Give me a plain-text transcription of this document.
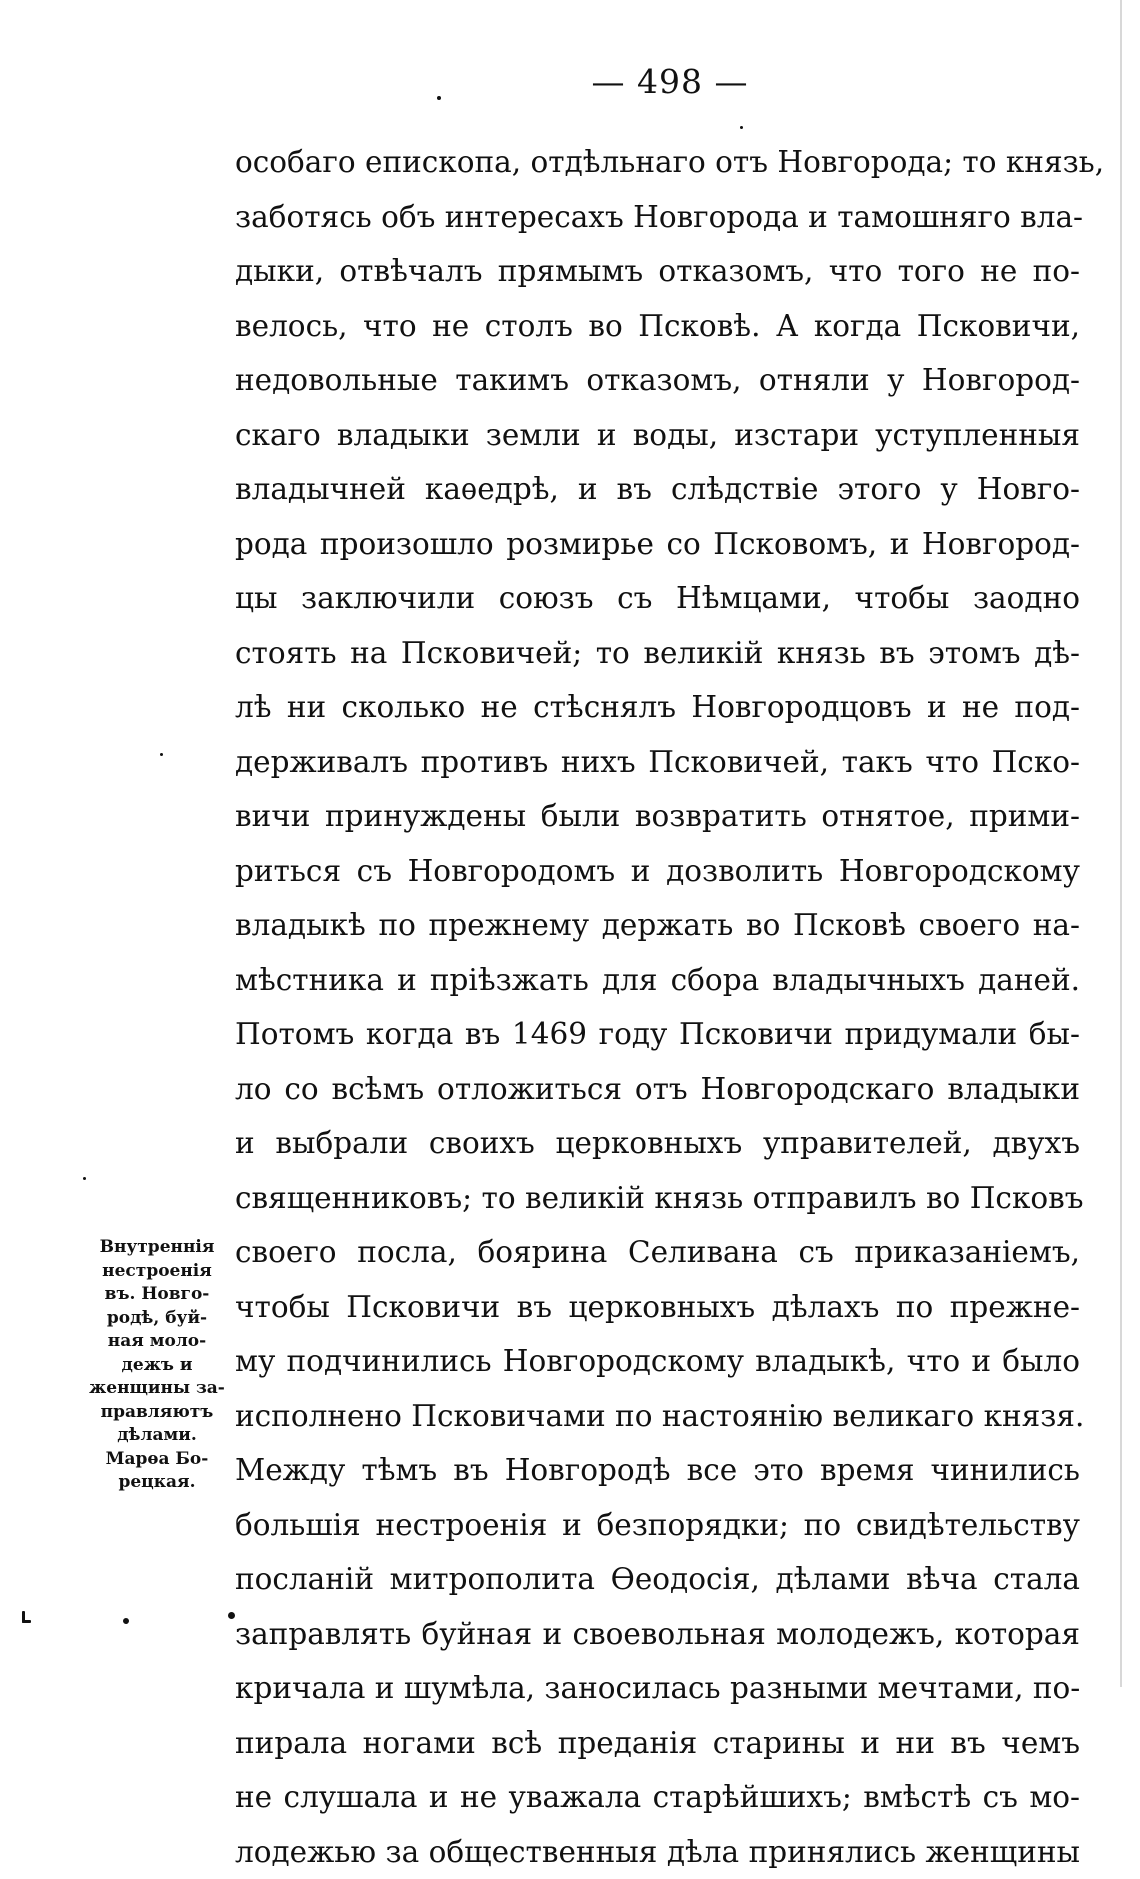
— 498 —
особаго епископа, отдѣльнаго отъ Новгорода; то князь,
заботясь объ интересахъ Новгорода и тамошняго вла-
дыки, отвѣчалъ прямымъ отказомъ, что того не по-
велось, что не столъ во Псковѣ. А когда Псковичи,
недовольные такимъ отказомъ, отняли у Новгород-
скаго владыки земли и воды, изстари уступленныя
владычней каѳедрѣ, и въ слѣдствіе этого у Новго-
рода произошло розмирье со Псковомъ, и Новгород-
цы заключили союзъ съ Нѣмцами, чтобы заодно
стоять на Псковичей; то великій князь въ этомъ дѣ-
лѣ ни сколько не стѣснялъ Новгородцовъ и не под-
держивалъ противъ нихъ Псковичей, такъ что Пско-
вичи принуждены были возвратить отнятое, прими-
риться съ Новгородомъ и дозволить Новгородскому
владыкѣ по прежнему держать во Псковѣ своего на-
мѣстника и пріѣзжать для сбора владычныхъ даней.
Потомъ когда въ 1469 году Псковичи придумали бы-
ло со всѣмъ отложиться отъ Новгородскаго владыки
и выбрали своихъ церковныхъ управителей, двухъ
священниковъ; то великій князь отправилъ во Псковъ
своего посла, боярина Селивана съ приказаніемъ,
чтобы Псковичи въ церковныхъ дѣлахъ по прежне-
му подчинились Новгородскому владыкѣ, что и было
исполнено Псковичами по настоянію великаго князя.
Между тѣмъ въ Новгородѣ все это время чинились
большія нестроенія и безпорядки; по свидѣтельству
посланій митрополита Ѳеодосія, дѣлами вѣча стала
заправлять буйная и своевольная молодежъ, которая
кричала и шумѣла, заносилась разными мечтами, по-
пирала ногами всѣ преданія старины и ни въ чемъ
не слушала и не уважала старѣйшихъ; вмѣстѣ съ мо-
лодежью за общественныя дѣла принялись женщины
Внутреннія
нестроенія
въ. Новго-
родѣ, буй-
ная моло-
дежъ и
женщины за-
правляютъ
дѣлами.
Марѳа Бо-
рецкая.
